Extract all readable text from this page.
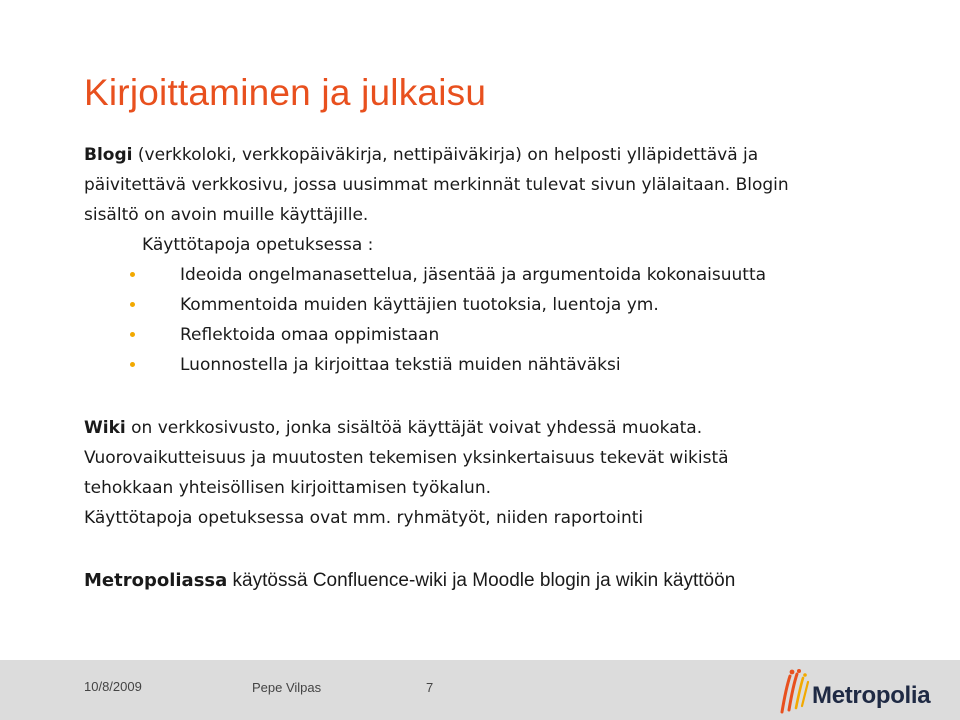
Kirjoittaminen ja julkaisu

Blogi (verkkoloki, verkkopäiväkirja, nettipäiväkirja) on helposti ylläpidettävä ja
päivitettävä verkkosivu, jossa uusimmat merkinnät tulevat sivun ylälaitaan. Blogin
sisältö on avoin muille käyttäjille.

Käyttötapoja opetuksessa :

Ideoida ongelmanasettelua, jäsentää ja argumentoida kokonaisuutta
Kommentoida muiden käyttäjien tuotoksia, luentoja ym.
Reflektoida omaa oppimistaan
Luonnostella ja kirjoittaa tekstiä muiden nähtäväksi

Wiki on verkkosivusto, jonka sisältöä käyttäjät voivat yhdessä muokata.
Vuorovaikutteisuus ja muutosten tekemisen yksinkertaisuus tekevät wikistä
tehokkaan yhteisöllisen kirjoittamisen työkalun.
Käyttötapoja opetuksessa ovat mm. ryhmätyöt, niiden raportointi

Metropoliassa käytössä Confluence-wiki ja Moodle blogin ja wikin käyttöön

10/8/2009	Pepe Vilpas	7	Metropolia
